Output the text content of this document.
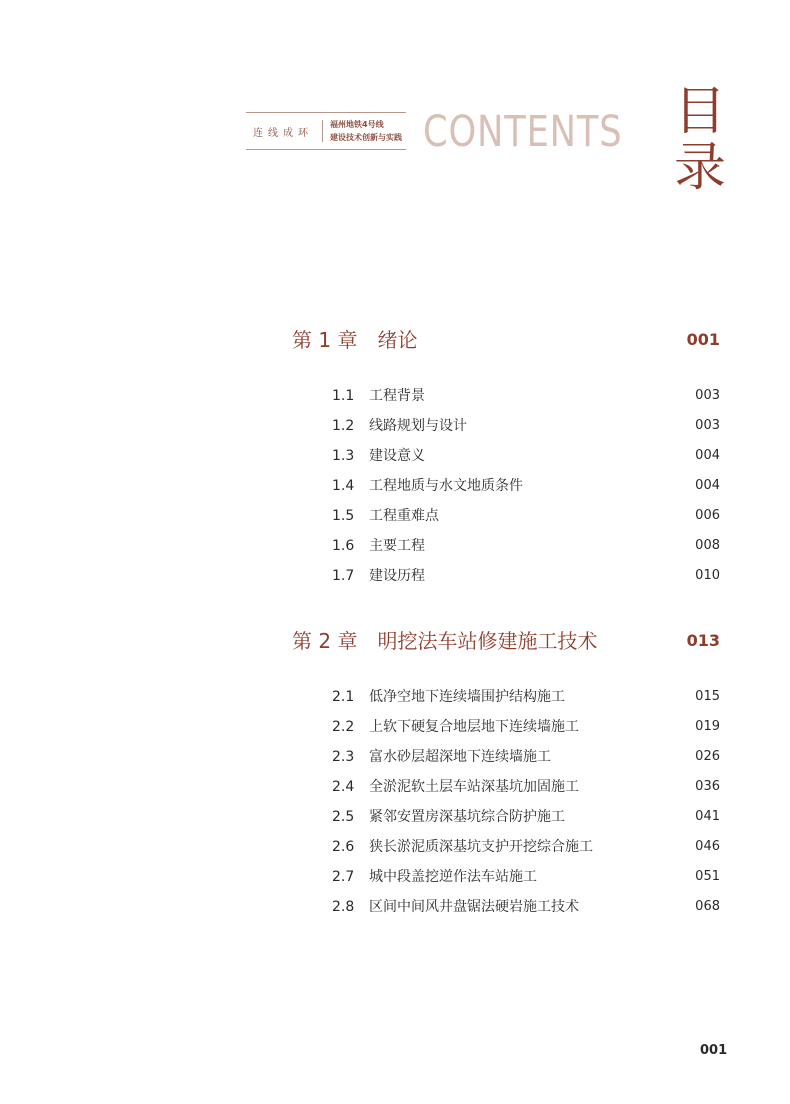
连线成环
福州地铁4号线
建设技术创新与实践 CONTENTS 目录
第 1 章　绪论	001
1.1	工程背景	003
1.2	线路规划与设计	003
1.3	建设意义	004
1.4	工程地质与水文地质条件	004
1.5	工程重难点	006
1.6	主要工程	008
1.7	建设历程	010
第 2 章　明挖法车站修建施工技术	013
2.1	低净空地下连续墙围护结构施工	015
2.2	上软下硬复合地层地下连续墙施工	019
2.3	富水砂层超深地下连续墙施工	026
2.4	全淤泥软土层车站深基坑加固施工	036
2.5	紧邻安置房深基坑综合防护施工	041
2.6	狭长淤泥质深基坑支护开挖综合施工	046
2.7	城中段盖挖逆作法车站施工	051
2.8	区间中间风井盘锯法硬岩施工技术	068
001
